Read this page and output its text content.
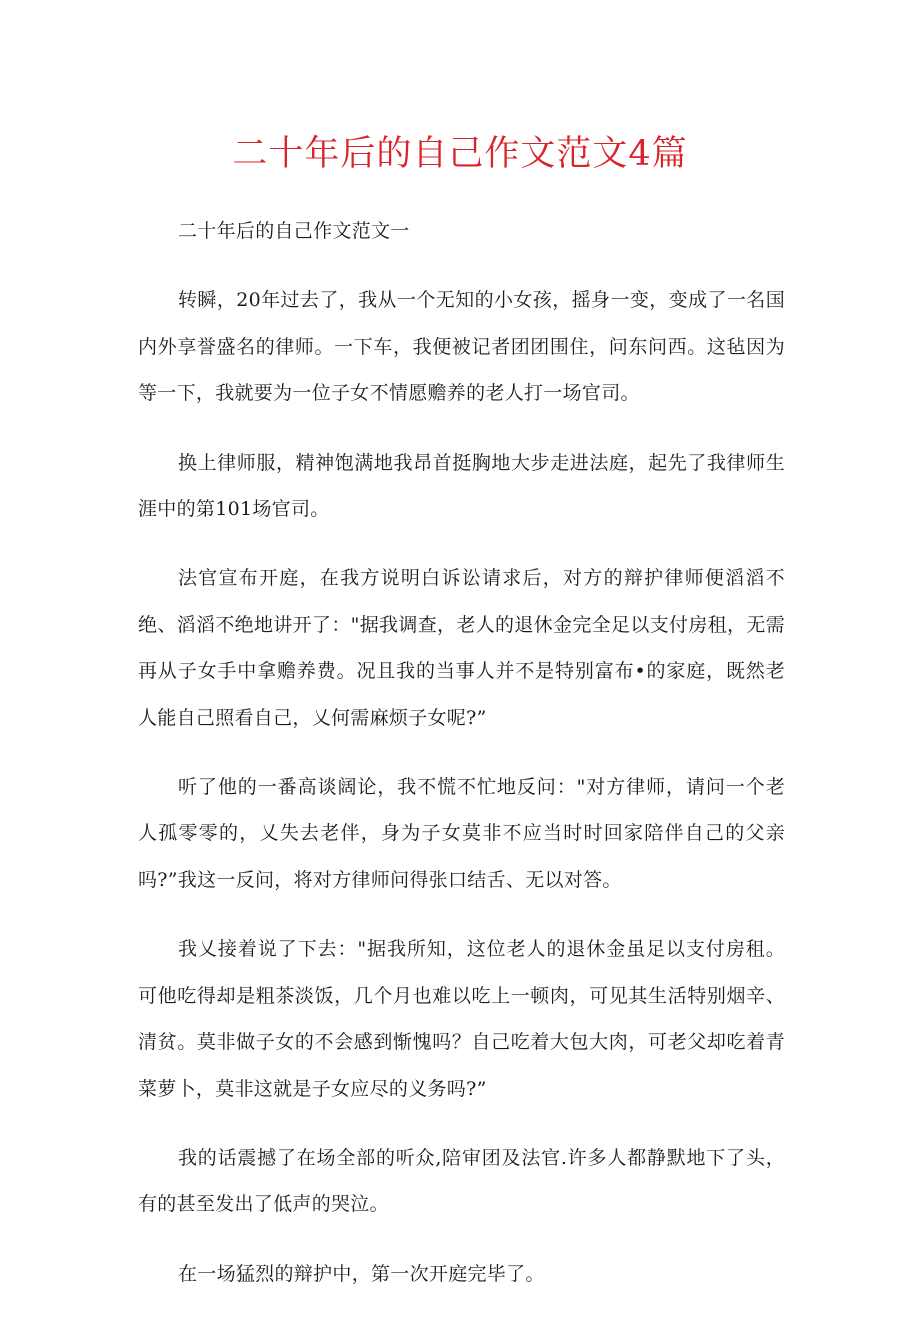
二十年后的自己作文范文4篇

二十年后的自己作文范文一

转瞬，20年过去了，我从一个无知的小女孩，摇身一变，变成了一名国内外享誉盛名的律师。一下车，我便被记者团团围住，问东问西。这毡因为等一下，我就要为一位子女不情愿赡养的老人打一场官司。

换上律师服，精神饱满地我昂首挺胸地大步走进法庭，起先了我律师生涯中的第101场官司。

法官宣布开庭，在我方说明白诉讼请求后，对方的辩护律师便滔滔不绝、滔滔不绝地讲开了："据我调查，老人的退休金完全足以支付房租，无需再从子女手中拿赡养费。况且我的当事人并不是特别富布•的家庭，既然老人能自己照看自己，乂何需麻烦子女呢?”

听了他的一番高谈阔论，我不慌不忙地反问："对方律师，请问一个老人孤零零的，乂失去老伴，身为子女莫非不应当时时回家陪伴自己的父亲吗?”我这一反问，将对方律师问得张口结舌、无以对答。

我乂接着说了下去："据我所知，这位老人的退休金虽足以支付房租。可他吃得却是粗茶淡饭，几个月也难以吃上一顿肉，可见其生活特别烟辛、清贫。莫非做子女的不会感到惭愧吗？自己吃着大包大肉，可老父却吃着青菜萝卜，莫非这就是子女应尽的义务吗?”

我的话震撼了在场全部的听众,陪审团及法官.许多人都静默地下了头，有的甚至发出了低声的哭泣。

在一场猛烈的辩护中，第一次开庭完毕了。
